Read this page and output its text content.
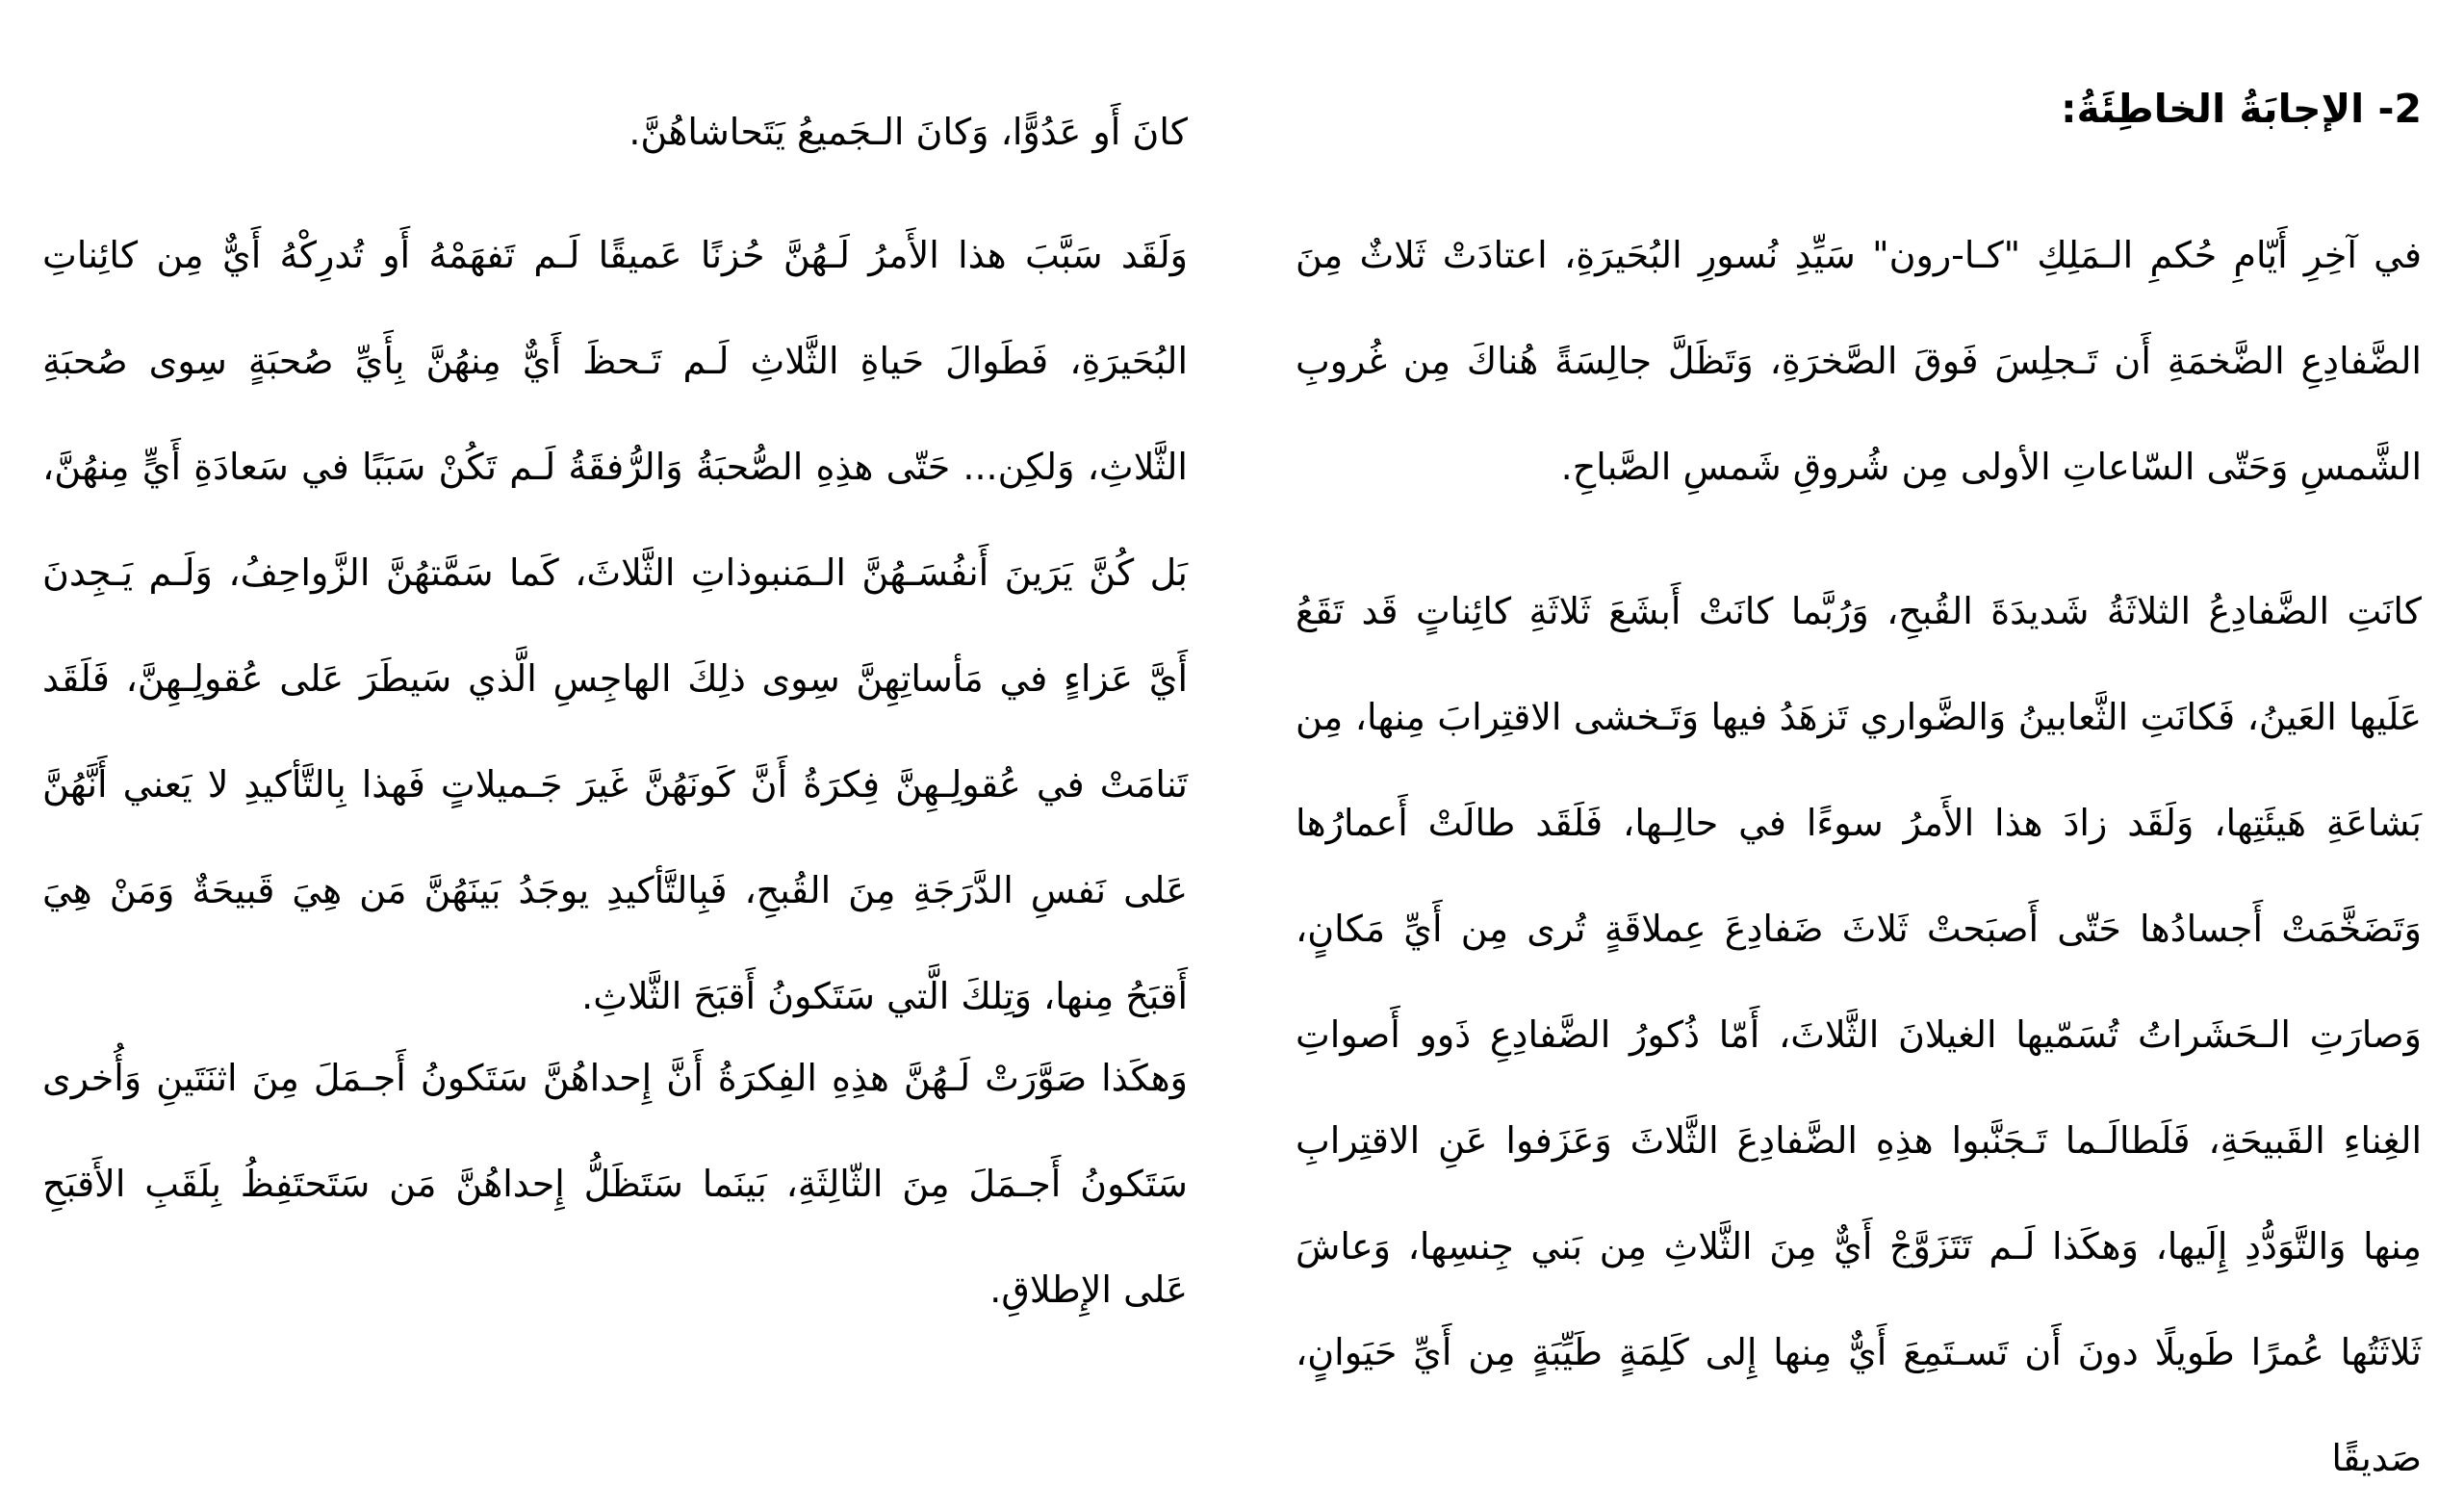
2- الإجابَةُ الخاطِئَةُ:

في آخِرِ أَيّامِ حُكمِ الـمَلِكِ "كـا-رون" سَيِّدِ نُسورِ البُحَيرَةِ، اعتادَتْ ثَلاثٌ مِنَ الضَّفادِعِ الضَّخمَةِ أَن تَـجلِسَ فَوقَ الصَّخرَةِ، وَتَظَلَّ جالِسَةً هُناكَ مِن غُروبِ الشَّمسِ وَحَتّى السّاعاتِ الأولى مِن شُروقِ شَمسِ الصَّباحِ.

كانَتِ الضَّفادِعُ الثلاثَةُ شَديدَةَ القُبحِ، وَرُبَّما كانَتْ أَبشَعَ ثَلاثَةِ كائِناتٍ قَد تَقَعُ عَلَيها العَينُ، فَكانَتِ الثَّعابينُ وَالضَّواري تَزهَدُ فيها وَتَـخشى الاقتِرابَ مِنها، مِن بَشاعَةِ هَيئَتِها، وَلَقَد زادَ هذا الأَمرُ سوءًا في حالِـها، فَلَقَد طالَتْ أَعمارُها وَتَضَخَّمَتْ أَجسادُها حَتّى أَصبَحتْ ثَلاثَ ضَفادِعَ عِملاقَةٍ تُرى مِن أَيِّ مَكانٍ، وَصارَتِ الـحَشَراتُ تُسَمّيها الغيلانَ الثَّلاثَ، أَمّا ذُكورُ الضَّفادِعِ ذَوو أَصواتِ الغِناءِ القَبيحَةِ، فَلَطالَـما تَـجَنَّبوا هذِهِ الضَّفادِعَ الثَّلاثَ وَعَزَفوا عَنِ الاقتِرابِ مِنها وَالتَّوَدُّدِ إِلَيها، وَهكَذا لَـم تَتَزَوَّجْ أَيٌّ مِنَ الثَّلاثِ مِن بَني جِنسِها، وَعاشَ ثَلاثَتُها عُمرًا طَويلًا دونَ أَن تَسـتَمِعَ أَيٌّ مِنها إِلى كَلِمَةٍ طَيِّبَةٍ مِن أَيِّ حَيَوانٍ، صَديقًا

كانَ أَو عَدُوًّا، وَكانَ الـجَميعُ يَتَحاشاهُنَّ.

وَلَقَد سَبَّبَ هذا الأَمرُ لَـهُنَّ حُزنًا عَميقًا لَـم تَفهَمْهُ أَو تُدرِكْهُ أَيٌّ مِن كائِناتِ البُحَيرَةِ، فَطَوالَ حَياةِ الثَّلاثِ لَـم تَـحظَ أَيٌّ مِنهُنَّ بِأَيِّ صُحبَةٍ سِوى صُحبَةِ الثَّلاثِ، وَلكِن... حَتّى هذِهِ الصُّحبَةُ وَالرُّفقَةُ لَـم تَكُنْ سَبَبًا في سَعادَةِ أَيٍّ مِنهُنَّ، بَل كُنَّ يَرَينَ أَنفُسَـهُنَّ الـمَنبوذاتِ الثَّلاثَ، كَما سَمَّتهُنَّ الزَّواحِفُ، وَلَـم يَـجِدنَ أَيَّ عَزاءٍ في مَأساتِهِنَّ سِوى ذلِكَ الهاجِسِ الَّذي سَيطَرَ عَلى عُقولِـهِنَّ، فَلَقَد تَنامَتْ في عُقولِـهِنَّ فِكرَةُ أَنَّ كَونَهُنَّ غَيرَ جَـميلاتٍ فَهذا بِالتَّأكيدِ لا يَعني أَنَّهُنَّ عَلى نَفسِ الدَّرَجَةِ مِنَ القُبحِ، فَبِالتَّأكيدِ يوجَدُ بَينَهُنَّ مَن هِيَ قَبيحَةٌ وَمَنْ هِيَ أَقبَحُ مِنها، وَتِلكَ الَّتي سَتَكونُ أَقبَحَ الثَّلاثِ.

وَهكَذا صَوَّرَتْ لَـهُنَّ هذِهِ الفِكرَةُ أَنَّ إِحداهُنَّ سَتَكونُ أَجـمَلَ مِنَ اثنَتَينِ وَأُخرى سَتَكونُ أَجـمَلَ مِنَ الثّالِثَةِ، بَينَما سَتَظَلُّ إِحداهُنَّ مَن سَتَحتَفِظُ بِلَقَبِ الأَقبَحِ عَلى الإِطلاقِ.
